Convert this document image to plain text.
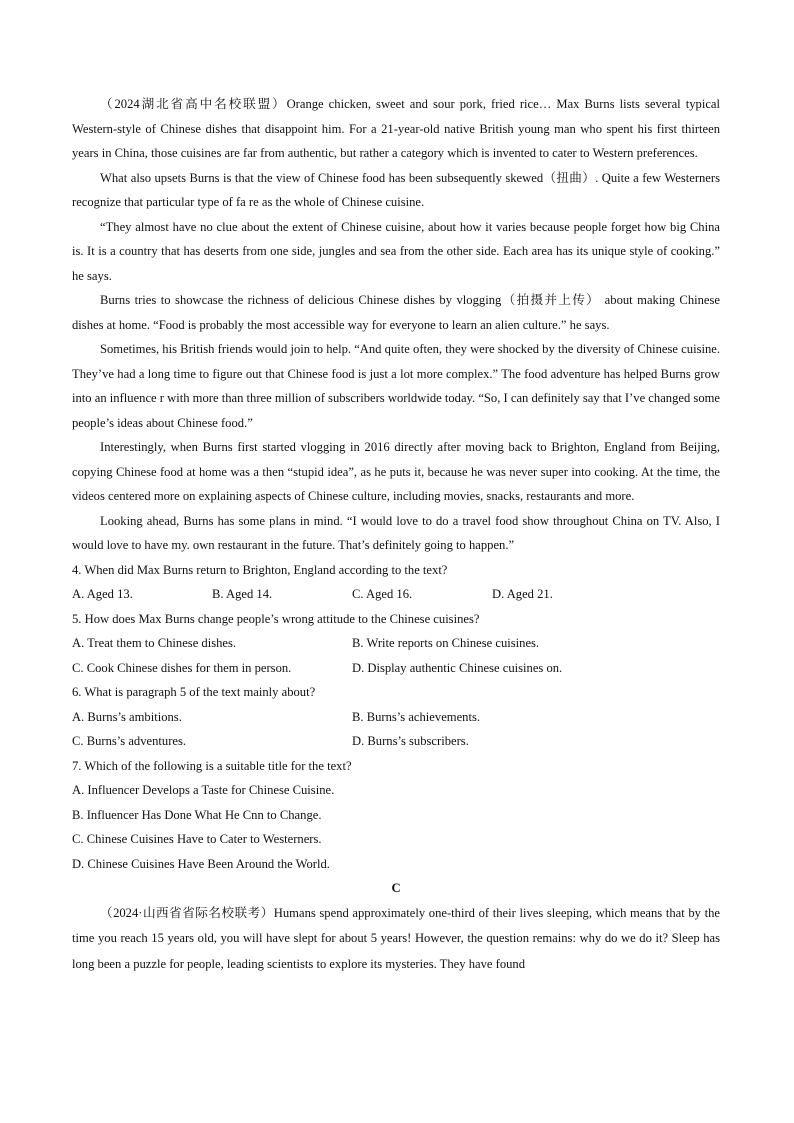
（2024湖北省高中名校联盟）Orange chicken, sweet and sour pork, fried rice… Max Burns lists several typical Western-style of Chinese dishes that disappoint him. For a 21-year-old native British young man who spent his first thirteen years in China, those cuisines are far from authentic, but rather a category which is invented to cater to Western preferences.

What also upsets Burns is that the view of Chinese food has been subsequently skewed（扭曲）. Quite a few Westerners recognize that particular type of fa re as the whole of Chinese cuisine.

“They almost have no clue about the extent of Chinese cuisine, about how it varies because people forget how big China is. It is a country that has deserts from one side, jungles and sea from the other side. Each area has its unique style of cooking.” he says.

Burns tries to showcase the richness of delicious Chinese dishes by vlogging（拍摄并上传） about making Chinese dishes at home. “Food is probably the most accessible way for everyone to learn an alien culture.” he says.

Sometimes, his British friends would join to help. “And quite often, they were shocked by the diversity of Chinese cuisine. They’ve had a long time to figure out that Chinese food is just a lot more complex.” The food adventure has helped Burns grow into an influence r with more than three million of subscribers worldwide today. “So, I can definitely say that I’ve changed some people’s ideas about Chinese food.”

Interestingly, when Burns first started vlogging in 2016 directly after moving back to Brighton, England from Beijing, copying Chinese food at home was a then “stupid idea”, as he puts it, because he was never super into cooking. At the time, the videos centered more on explaining aspects of Chinese culture, including movies, snacks, restaurants and more.

Looking ahead, Burns has some plans in mind. “I would love to do a travel food show throughout China on TV. Also, I would love to have my. own restaurant in the future. That’s definitely going to happen.”

4. When did Max Burns return to Brighton, England according to the text?

A. Aged 13.	B. Aged 14.	C. Aged 16.	D. Aged 21.

5. How does Max Burns change people’s wrong attitude to the Chinese cuisines?

A. Treat them to Chinese dishes.	B. Write reports on Chinese cuisines.
C. Cook Chinese dishes for them in person.	D. Display authentic Chinese cuisines on.

6. What is paragraph 5 of the text mainly about?

A. Burns’s ambitions.	B. Burns’s achievements.
C. Burns’s adventures.	D. Burns’s subscribers.

7. Which of the following is a suitable title for the text?

A. Influencer Develops a Taste for Chinese Cuisine.

B. Influencer Has Done What He Cnn to Change.

C. Chinese Cuisines Have to Cater to Westerners.

D. Chinese Cuisines Have Been Around the World.

C

（2024·山西省省际名校联考）Humans spend approximately one-third of their lives sleeping, which means that by the time you reach 15 years old, you will have slept for about 5 years! However, the question remains: why do we do it? Sleep has long been a puzzle for people, leading scientists to explore its mysteries. They have found
